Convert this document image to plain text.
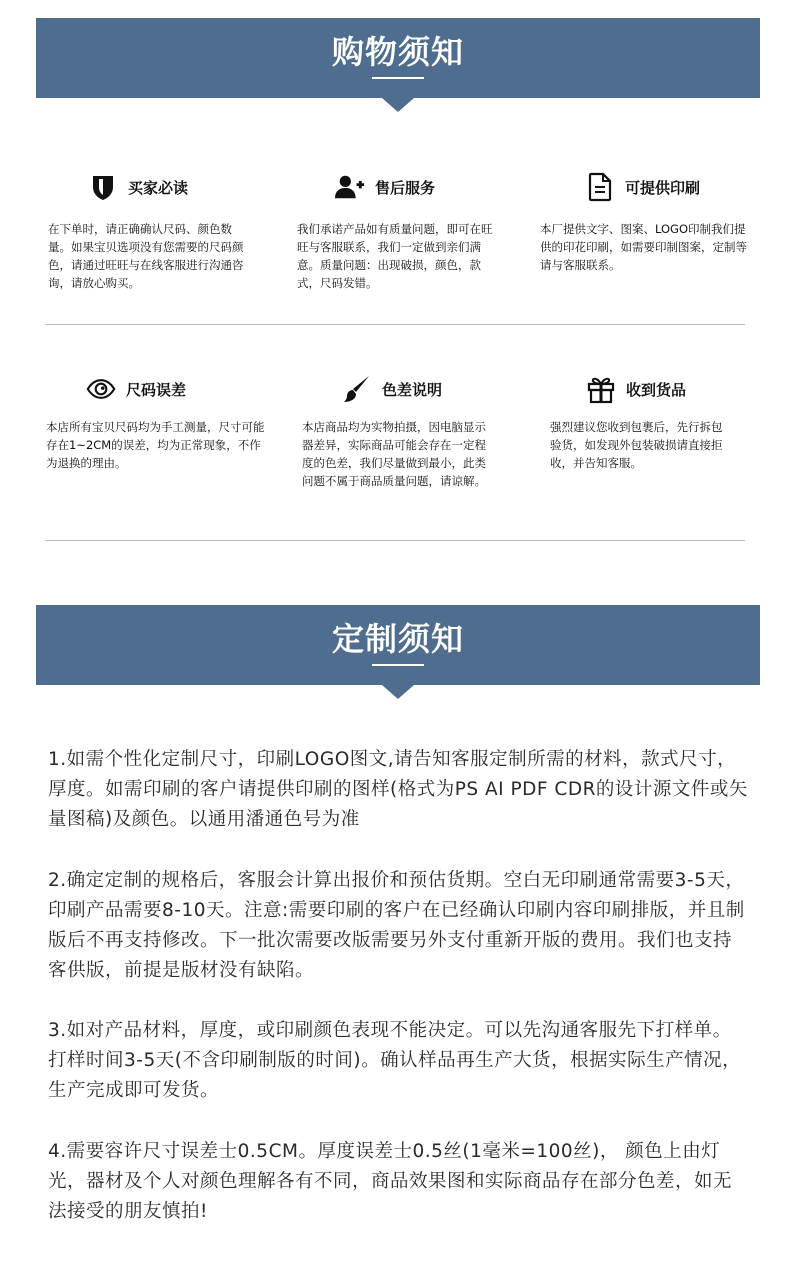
购物须知
买家必读
在下单时，请正确确认尺码、颜色数量。如果宝贝选项没有您需要的尺码颜色，请通过旺旺与在线客服进行沟通咨询，请放心购买。
售后服务
我们承诺产品如有质量问题，即可在旺旺与客服联系，我们一定做到亲们满意。质量问题：出现破损，颜色，款式，尺码发错。
可提供印刷
本厂提供文字、图案、LOGO印制我们提供的印花印刷，如需要印制图案，定制等请与客服联系。
尺码误差
本店所有宝贝尺码均为手工测量，尺寸可能存在1~2CM的误差，均为正常现象，不作为退换的理由。
色差说明
本店商品均为实物拍摄，因电脑显示器差异，实际商品可能会存在一定程度的色差，我们尽量做到最小，此类问题不属于商品质量问题，请谅解。
收到货品
强烈建议您收到包裹后，先行拆包验货，如发现外包装破损请直接拒收，并告知客服。
定制须知

1.如需个性化定制尺寸，印刷LOGO图文,请告知客服定制所需的材料，款式尺寸，厚度。如需印刷的客户请提供印刷的图样(格式为PS AI PDF CDR的设计源文件或矢量图稿)及颜色。以通用潘通色号为准

2.确定定制的规格后，客服会计算出报价和预估货期。空白无印刷通常需要3-5天，印刷产品需要8-10天。注意:需要印刷的客户在已经确认印刷内容印刷排版，并且制版后不再支持修改。下一批次需要改版需要另外支付重新开版的费用。我们也支持客供版，前提是版材没有缺陷。

3.如对产品材料，厚度，或印刷颜色表现不能决定。可以先沟通客服先下打样单。打样时间3-5天(不含印刷制版的时间)。确认样品再生产大货，根据实际生产情况，生产完成即可发货。

4.需要容许尺寸误差士0.5CM。厚度误差士0.5丝(1毫米=100丝)， 颜色上由灯光，器材及个人对颜色理解各有不同，商品效果图和实际商品存在部分色差，如无法接受的朋友慎拍!
